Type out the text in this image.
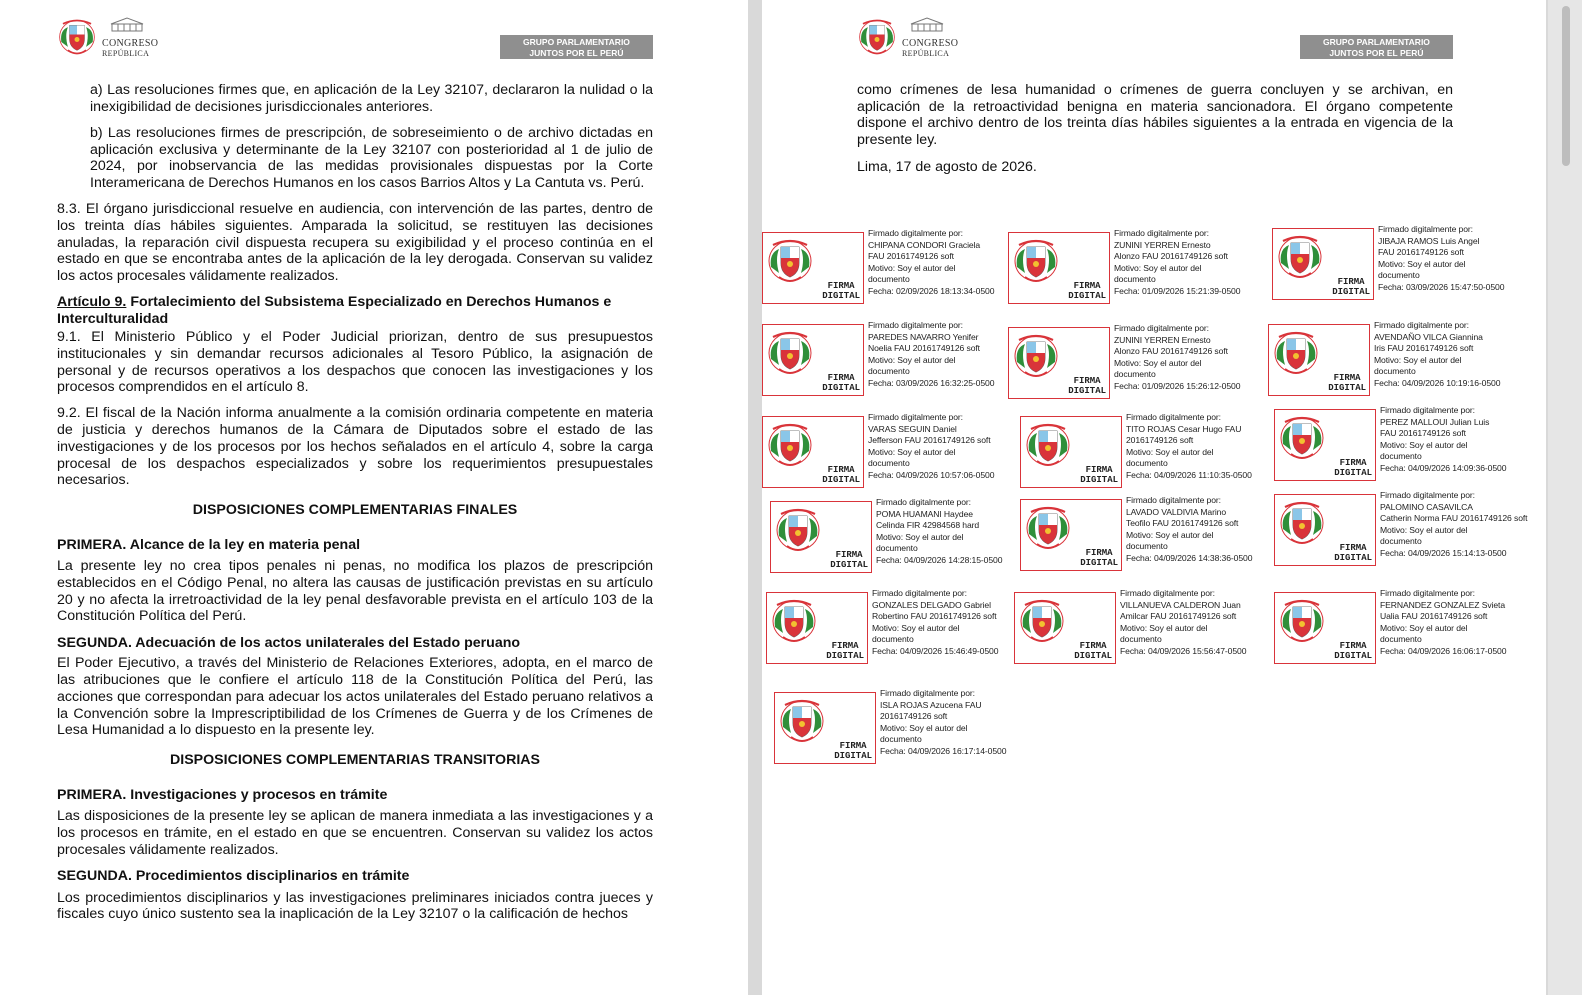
CONGRESO
REPÚBLICA
GRUPO PARLAMENTARIO
JUNTOS POR EL PERÚ

a) Las resoluciones firmes que, en aplicación de la Ley 32107, declararon la nulidad o la inexigibilidad de decisiones jurisdiccionales anteriores.

b) Las resoluciones firmes de prescripción, de sobreseimiento o de archivo dictadas en aplicación exclusiva y determinante de la Ley 32107 con posterioridad al 1 de julio de 2024, por inobservancia de las medidas provisionales dispuestas por la Corte Interamericana de Derechos Humanos en los casos Barrios Altos y La Cantuta vs. Perú.

8.3. El órgano jurisdiccional resuelve en audiencia, con intervención de las partes, dentro de los treinta días hábiles siguientes. Amparada la solicitud, se restituyen las decisiones anuladas, la reparación civil dispuesta recupera su exigibilidad y el proceso continúa en el estado en que se encontraba antes de la aplicación de la ley derogada. Conservan su validez los actos procesales válidamente realizados.

Artículo 9. Fortalecimiento del Subsistema Especializado en Derechos Humanos e Interculturalidad

9.1. El Ministerio Público y el Poder Judicial priorizan, dentro de sus presupuestos institucionales y sin demandar recursos adicionales al Tesoro Público, la asignación de personal y de recursos operativos a los despachos que conocen las investigaciones y los procesos comprendidos en el artículo 8.

9.2. El fiscal de la Nación informa anualmente a la comisión ordinaria competente en materia de justicia y derechos humanos de la Cámara de Diputados sobre el estado de las investigaciones y de los procesos por los hechos señalados en el artículo 4, sobre la carga procesal de los despachos especializados y sobre los requerimientos presupuestales necesarios.

DISPOSICIONES COMPLEMENTARIAS FINALES

PRIMERA. Alcance de la ley en materia penal

La presente ley no crea tipos penales ni penas, no modifica los plazos de prescripción establecidos en el Código Penal, no altera las causas de justificación previstas en su artículo 20 y no afecta la irretroactividad de la ley penal desfavorable prevista en el artículo 103 de la Constitución Política del Perú.

SEGUNDA. Adecuación de los actos unilaterales del Estado peruano

El Poder Ejecutivo, a través del Ministerio de Relaciones Exteriores, adopta, en el marco de las atribuciones que le confiere el artículo 118 de la Constitución Política del Perú, las acciones que correspondan para adecuar los actos unilaterales del Estado peruano relativos a la Convención sobre la Imprescriptibilidad de los Crímenes de Guerra y de los Crímenes de Lesa Humanidad a lo dispuesto en la presente ley.

DISPOSICIONES COMPLEMENTARIAS TRANSITORIAS

PRIMERA. Investigaciones y procesos en trámite

Las disposiciones de la presente ley se aplican de manera inmediata a las investigaciones y a los procesos en trámite, en el estado en que se encuentren. Conservan su validez los actos procesales válidamente realizados.

SEGUNDA. Procedimientos disciplinarios en trámite

Los procedimientos disciplinarios y las investigaciones preliminares iniciados contra jueces y fiscales cuyo único sustento sea la inaplicación de la Ley 32107 o la calificación de hechos

CONGRESO
REPÚBLICA
GRUPO PARLAMENTARIO
JUNTOS POR EL PERÚ

como crímenes de lesa humanidad o crímenes de guerra concluyen y se archivan, en aplicación de la retroactividad benigna en materia sancionadora. El órgano competente dispone el archivo dentro de los treinta días hábiles siguientes a la entrada en vigencia de la presente ley.

Lima, 17 de agosto de 2026.

FIRMA
DIGITAL
Firmado digitalmente por:
CHIPANA CONDORI Graciela
FAU 20161749126 soft
Motivo: Soy el autor del
documento
Fecha: 02/09/2026 18:13:34-0500	FIRMA
DIGITAL
Firmado digitalmente por:
ZUNINI YERREN Ernesto
Alonzo FAU 20161749126 soft
Motivo: Soy el autor del
documento
Fecha: 01/09/2026 15:21:39-0500
FIRMA
DIGITAL
Firmado digitalmente por:
JIBAJA RAMOS Luis Angel
FAU 20161749126 soft
Motivo: Soy el autor del
documento
Fecha: 03/09/2026 15:47:50-0500
FIRMA
DIGITAL
Firmado digitalmente por:
PAREDES NAVARRO Yenifer
Noelia FAU 20161749126 soft
Motivo: Soy el autor del
documento
Fecha: 03/09/2026 16:32:25-0500	FIRMA
DIGITAL
Firmado digitalmente por:
ZUNINI YERREN Ernesto
Alonzo FAU 20161749126 soft
Motivo: Soy el autor del
documento
Fecha: 01/09/2026 15:26:12-0500
FIRMA
DIGITAL
Firmado digitalmente por:
AVENDAÑO VILCA Giannina
Iris FAU 20161749126 soft
Motivo: Soy el autor del
documento
Fecha: 04/09/2026 10:19:16-0500
FIRMA
DIGITAL
Firmado digitalmente por:
VARAS SEGUIN Daniel
Jefferson FAU 20161749126 soft
Motivo: Soy el autor del
documento
Fecha: 04/09/2026 10:57:06-0500	FIRMA
DIGITAL
Firmado digitalmente por:
TITO ROJAS Cesar Hugo FAU
20161749126 soft
Motivo: Soy el autor del
documento
Fecha: 04/09/2026 11:10:35-0500
FIRMA
DIGITAL
Firmado digitalmente por:
PEREZ MALLOUI Julian Luis
FAU 20161749126 soft
Motivo: Soy el autor del
documento
Fecha: 04/09/2026 14:09:36-0500
FIRMA
DIGITAL
Firmado digitalmente por:
POMA HUAMANI Haydee
Celinda FIR 42984568 hard
Motivo: Soy el autor del
documento
Fecha: 04/09/2026 14:28:15-0500
FIRMA
DIGITAL
Firmado digitalmente por:
LAVADO VALDIVIA Marino
Teofilo FAU 20161749126 soft
Motivo: Soy el autor del
documento
Fecha: 04/09/2026 14:38:36-0500
FIRMA
DIGITAL
Firmado digitalmente por:
PALOMINO CASAVILCA
Catherin Norma FAU 20161749126 soft
Motivo: Soy el autor del
documento
Fecha: 04/09/2026 15:14:13-0500
FIRMA
DIGITAL
Firmado digitalmente por:
GONZALES DELGADO Gabriel
Robertino FAU 20161749126 soft
Motivo: Soy el autor del
documento
Fecha: 04/09/2026 15:46:49-0500	FIRMA
DIGITAL
Firmado digitalmente por:
VILLANUEVA CALDERON Juan
Amilcar FAU 20161749126 soft
Motivo: Soy el autor del
documento
Fecha: 04/09/2026 15:56:47-0500	FIRMA
DIGITAL
Firmado digitalmente por:
FERNANDEZ GONZALEZ Svieta
Ualia FAU 20161749126 soft
Motivo: Soy el autor del
documento
Fecha: 04/09/2026 16:06:17-0500
FIRMA
DIGITAL
Firmado digitalmente por:
ISLA ROJAS Azucena FAU
20161749126 soft
Motivo: Soy el autor del
documento
Fecha: 04/09/2026 16:17:14-0500
